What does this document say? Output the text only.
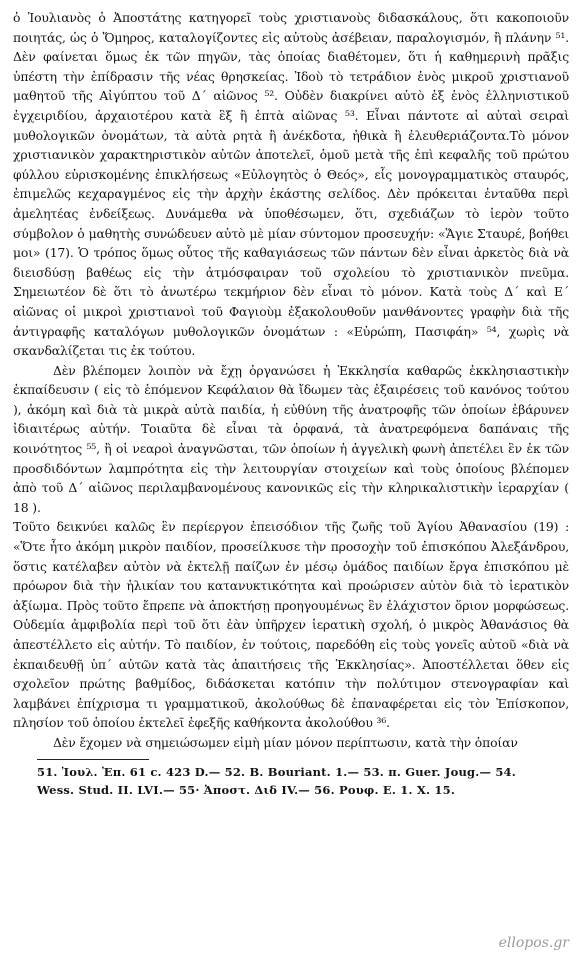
ὁ Ἰουλιανὸς ὁ Ἀποστάτης κατηγορεῖ τοὺς χριστιανοὺς διδασκάλους, ὅτι κακοποιοῦν ποιητάς, ὡς ὁ Ὅμηρος, καταλογίζοντες εἰς αὐτοὺς ἀσέβειαν, παραλογισμόν, ἢ πλάνην ⁵¹. Δὲν φαίνεται ὅμως ἐκ τῶν πηγῶν, τὰς ὁποίας διαθέτομεν, ὅτι ἡ καθημερινὴ πρᾶξις ὑπέστη τὴν ἐπίδρασιν τῆς νέας θρησκείας. Ἰδοὺ τὸ τετράδιον ἑνὸς μικροῦ χριστιανοῦ μαθητοῦ τῆς Αἰγύπτου τοῦ Δ´ αἰῶνος ⁵². Οὐδὲν διακρίνει αὐτὸ ἐξ ἑνὸς ἑλληνιστικοῦ ἐγχειριδίου, ἀρχαιοτέρου κατὰ ἓξ ἢ ἑπτὰ αἰῶνας ⁵³. Εἶναι πάντοτε αἱ αὐταὶ σειραὶ μυθολογικῶν ὀνομάτων, τὰ αὐτὰ ρητὰ ἢ ἀνέκδοτα, ἠθικὰ ἢ ἐλευθεριάζοντα.Τὸ μόνον χριστιανικὸν χαρακτηριστικὸν αὐτῶν ἀποτελεῖ, ὁμοῦ μετὰ τῆς ἐπὶ κεφαλῆς τοῦ πρώτου φύλλου εὑρισκομένης ἐπικλήσεως «Εὐλογητὸς ὁ Θεός», εἷς μονογραμματικὸς σταυρός, ἐπιμελῶς κεχαραγμένος εἰς τὴν ἀρχὴν ἑκάστης σελίδος. Δὲν πρόκειται ἐνταῦθα περὶ ἀμελητέας ἐνδείξεως. Δυνάμεθα νὰ ὑποθέσωμεν, ὅτι, σχεδιάζων τὸ ἱερὸν τοῦτο σύμβολον ὁ μαθητὴς συνώδευεν αὐτὸ μὲ μίαν σύντομον προσευχήν: «Ἅγιε Σταυρέ, βοήθει μοι» (17). Ὁ τρόπος ὅμως οὗτος τῆς καθαγιάσεως τῶν πάντων δὲν εἶναι ἀρκετὸς διὰ νὰ διεισδύσῃ βαθέως εἰς τὴν ἀτμόσφαιραν τοῦ σχολείου τὸ χριστιανικὸν πνεῦμα. Σημειωτέον δὲ ὅτι τὸ ἀνωτέρω τεκμήριον δὲν εἶναι τὸ μόνον. Κατὰ τοὺς Δ´ καὶ Ε´ αἰῶνας οἱ μικροὶ χριστιανοὶ τοῦ Φαγιοὺμ ἐξακολουθοῦν μανθάνοντες γραφὴν διὰ τῆς ἀντιγραφῆς καταλόγων μυθολογικῶν ὀνομάτων : «Εὐρώπη, Πασιφάη» ⁵⁴, χωρὶς νὰ σκανδαλίζεται τις ἐκ τούτου.

Δὲν βλέπομεν λοιπὸν νὰ ἔχῃ ὀργανώσει ἡ Ἐκκλησία καθαρῶς ἐκκλησιαστικὴν ἐκπαίδευσιν ( εἰς τὸ ἑπόμενον Κεφάλαιον θὰ ἴδωμεν τὰς ἐξαιρέσεις τοῦ κανόνος τούτου ), ἀκόμη καὶ διὰ τὰ μικρὰ αὐτὰ παιδία, ἡ εὐθύνη τῆς ἀνατροφῆς τῶν ὁποίων ἐβάρυνεν ἰδιαιτέρως αὐτήν. Τοιαῦτα δὲ εἶναι τὰ ὀρφανά, τὰ ἀνατρεφόμενα δαπάναις τῆς κοινότητος ⁵⁵, ἢ οἱ νεαροὶ ἀναγνῶσται, τῶν ὁποίων ἡ ἀγγελικὴ φωνὴ ἀπετέλει ἓν ἐκ τῶν προσδιδόντων λαμπρότητα εἰς τὴν λειτουργίαν στοιχείων καὶ τοὺς ὁποίους βλέπομεν ἀπὸ τοῦ Δ´ αἰῶνος περιλαμβανομένους κανονικῶς εἰς τὴν κληρικαλιστικὴν ἱεραρχίαν ( 18 ).

Τοῦτο δεικνύει καλῶς ἓν περίεργον ἐπεισόδιον τῆς ζωῆς τοῦ Ἁγίου Ἀθανασίου (19) : «Ὅτε ἦτο ἀκόμη μικρὸν παιδίον, προσείλκυσε τὴν προσοχὴν τοῦ ἐπισκόπου Ἀλεξάνδρου, ὅστις κατέλαβεν αὐτὸν νὰ ἐκτελῇ παίζων ἐν μέσῳ ὁμάδος παιδίων ἔργα ἐπισκόπου μὲ πρόωρον διὰ τὴν ἡλικίαν του κατανυκτικότητα καὶ προώρισεν αὐτὸν διὰ τὸ ἱερατικὸν ἀξίωμα. Πρὸς τοῦτο ἔπρεπε νὰ ἀποκτήσῃ προηγουμένως ἓν ἐλάχιστον ὅριον μορφώσεως. Οὐδεμία ἀμφιβολία περὶ τοῦ ὅτι ἐὰν ὑπῆρχεν ἱερατικὴ σχολή, ὁ μικρὸς Ἀθανάσιος θὰ ἀπεστέλλετο εἰς αὐτήν. Τὸ παιδίον, ἐν τούτοις, παρεδόθη εἰς τοὺς γονεῖς αὐτοῦ «διὰ νὰ ἐκπαιδευθῇ ὑπ´ αὐτῶν κατὰ τὰς ἀπαιτήσεις τῆς Ἐκκλησίας». Ἀποστέλλεται ὅθεν εἰς σχολεῖον πρώτης βαθμίδος, διδάσκεται κατόπιν τὴν πολύτιμον στενογραφίαν καὶ λαμβάνει ἐπίχρισμα τι γραμματικοῦ, ἀκολούθως δὲ ἐπαναφέρεται εἰς τὸν Ἐπίσκοπον, πλησίον τοῦ ὁποίου ἐκτελεῖ ἐφεξῆς καθήκοντα ἀκολούθου ³⁶.

Δὲν ἔχομεν νὰ σημειώσωμεν εἰμὴ μίαν μόνον περίπτωσιν, κατὰ τὴν ὁποίαν

51. Ἰουλ. Ἐπ. 61 c. 423 D.— 52. B. Bouriant. 1.— 53. π. Guer. Joug.— 54.
Wess. Stud. II. LVI.— 55· Ἀποστ. Διδ IV.— 56. Ρουφ. Ε. 1. Χ. 15.
ellopos.gr
